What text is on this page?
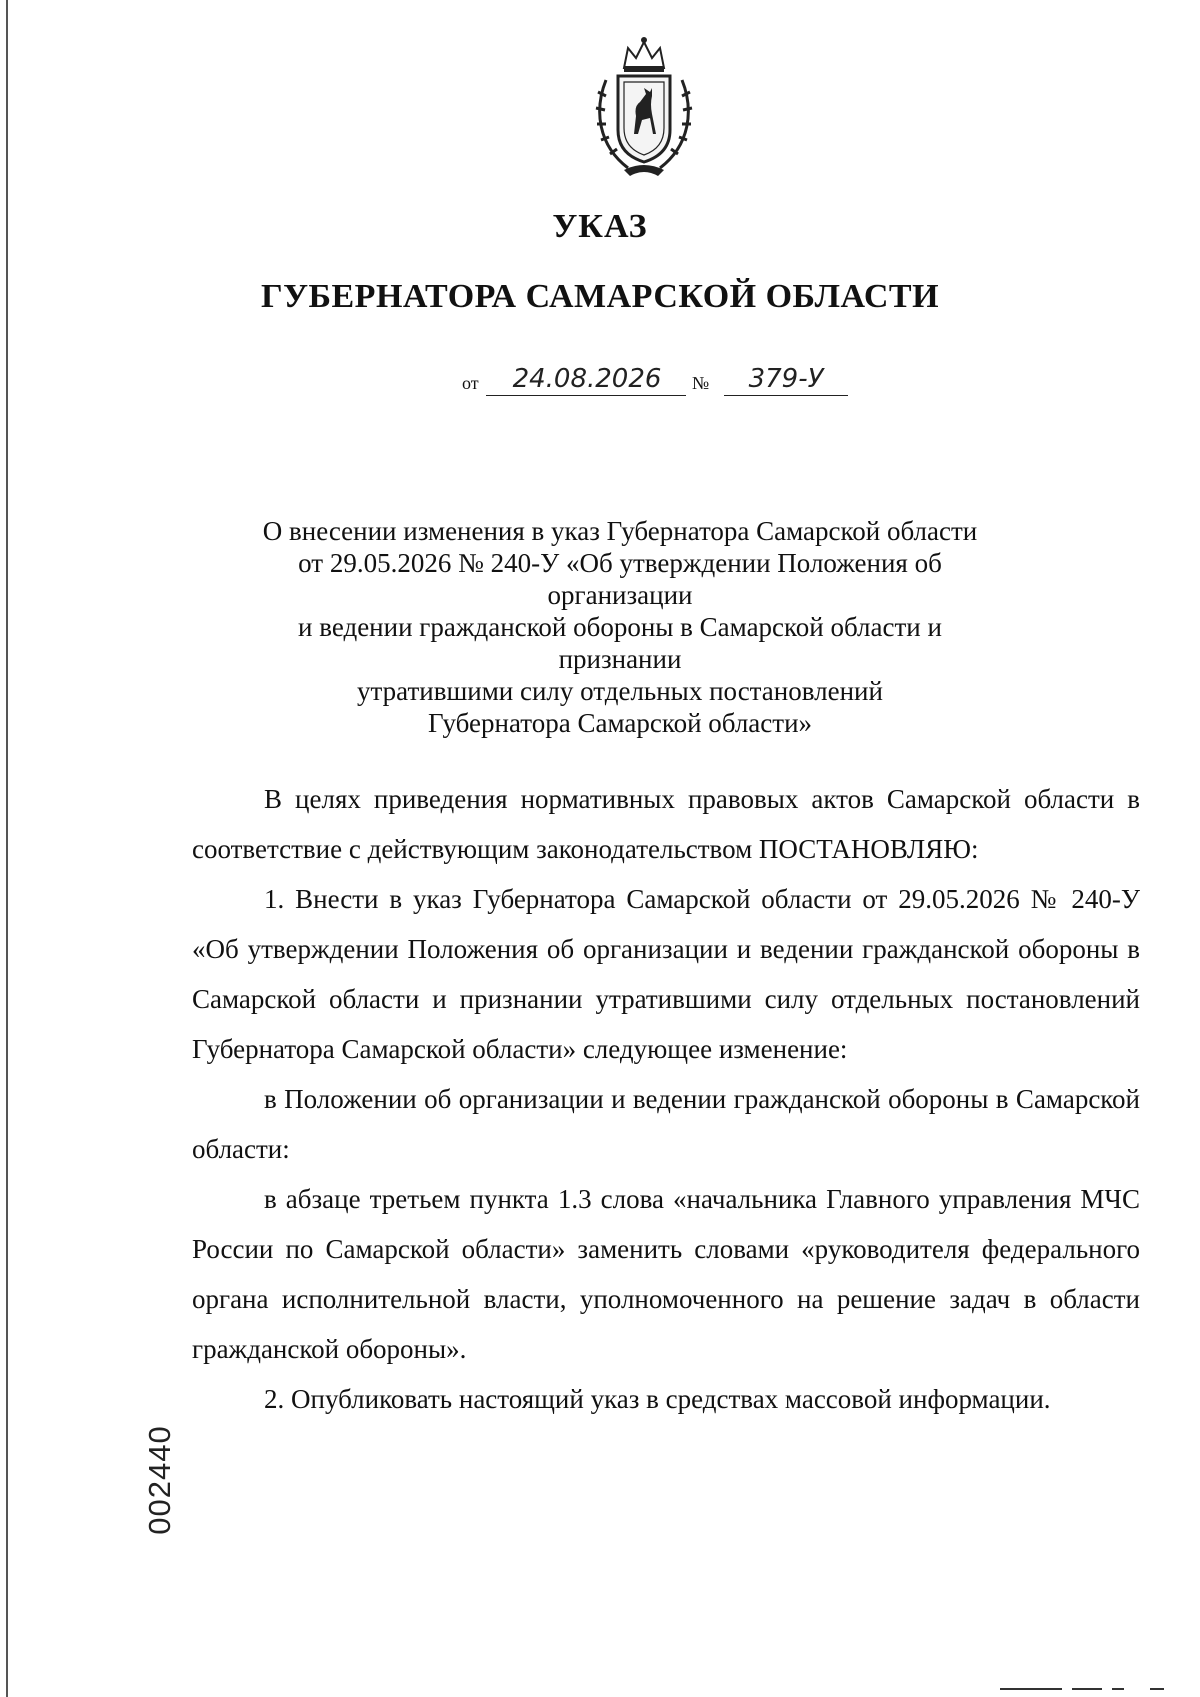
УКАЗ
ГУБЕРНАТОРА САМАРСКОЙ ОБЛАСТИ
от	24.08.2026	№	379-У
О внесении изменения в указ Губернатора Самарской области
от 29.05.2026 № 240-У «Об утверждении Положения об организации
и ведении гражданской обороны в Самарской области и признании
утратившими силу отдельных постановлений
Губернатора Самарской области»

В целях приведения нормативных правовых актов Самарской области в соответствие с действующим законодательством ПОСТАНОВЛЯЮ:

1. Внести в указ Губернатора Самарской области от 29.05.2026 № 240-У «Об утверждении Положения об организации и ведении гражданской обороны в Самарской области и признании утратившими силу отдельных постановлений Губернатора Самарской области» следующее изменение:

в Положении об организации и ведении гражданской обороны в Самарской области:

в абзаце третьем пункта 1.3 слова «начальника Главного управления МЧС России по Самарской области» заменить словами «руководителя федерального органа исполнительной власти, уполномоченного на решение задач в области гражданской обороны».

2. Опубликовать настоящий указ в средствах массовой информации.

002440
